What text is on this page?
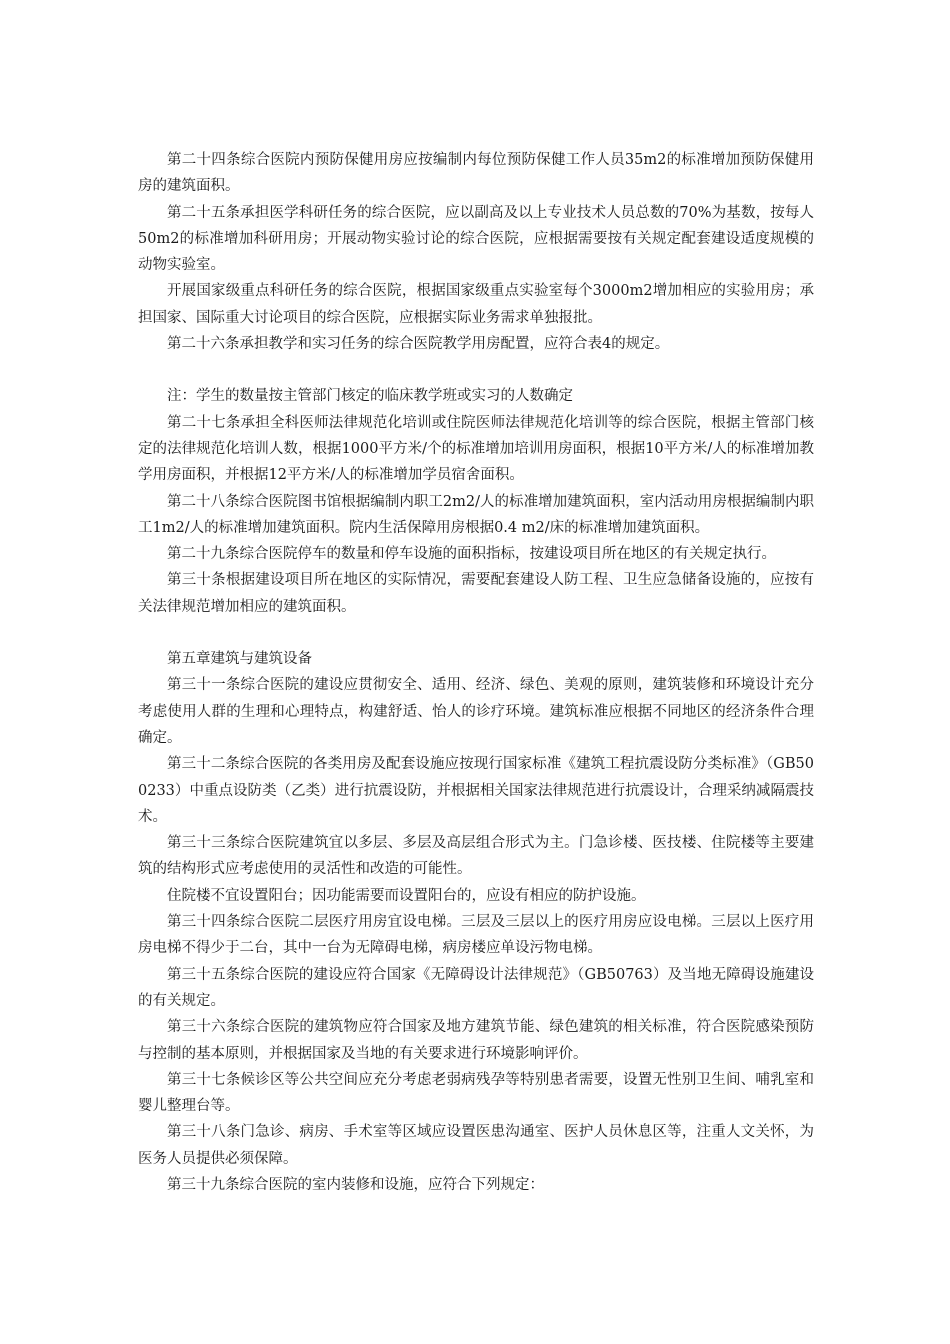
第二十四条综合医院内预防保健用房应按编制内每位预防保健工作人员35m2的标准增加预防保健用房的建筑面积。

第二十五条承担医学科研任务的综合医院，应以副高及以上专业技术人员总数的70%为基数，按每人50m2的标准增加科研用房；开展动物实验讨论的综合医院，应根据需要按有关规定配套建设适度规模的动物实验室。

开展国家级重点科研任务的综合医院，根据国家级重点实验室每个3000m2增加相应的实验用房；承担国家、国际重大讨论项目的综合医院，应根据实际业务需求单独报批。

第二十六条承担教学和实习任务的综合医院教学用房配置，应符合表4的规定。

注：学生的数量按主管部门核定的临床教学班或实习的人数确定

第二十七条承担全科医师法律规范化培训或住院医师法律规范化培训等的综合医院，根据主管部门核定的法律规范化培训人数，根据1000平方米/个的标准增加培训用房面积，根据10平方米/人的标准增加教学用房面积，并根据12平方米/人的标准增加学员宿舍面积。

第二十八条综合医院图书馆根据编制内职工2m2/人的标准增加建筑面积，室内活动用房根据编制内职工1m2/人的标准增加建筑面积。院内生活保障用房根据0.4 m2/床的标准增加建筑面积。

第二十九条综合医院停车的数量和停车设施的面积指标，按建设项目所在地区的有关规定执行。

第三十条根据建设项目所在地区的实际情况，需要配套建设人防工程、卫生应急储备设施的，应按有关法律规范增加相应的建筑面积。

第五章建筑与建筑设备

第三十一条综合医院的建设应贯彻安全、适用、经济、绿色、美观的原则，建筑装修和环境设计充分考虑使用人群的生理和心理特点，构建舒适、怡人的诊疗环境。建筑标准应根据不同地区的经济条件合理确定。

第三十二条综合医院的各类用房及配套设施应按现行国家标准《建筑工程抗震设防分类标准》（GB500233）中重点设防类（乙类）进行抗震设防，并根据相关国家法律规范进行抗震设计，合理采纳减隔震技术。

第三十三条综合医院建筑宜以多层、多层及高层组合形式为主。门急诊楼、医技楼、住院楼等主要建筑的结构形式应考虑使用的灵活性和改造的可能性。

住院楼不宜设置阳台；因功能需要而设置阳台的，应设有相应的防护设施。

第三十四条综合医院二层医疗用房宜设电梯。三层及三层以上的医疗用房应设电梯。三层以上医疗用房电梯不得少于二台，其中一台为无障碍电梯，病房楼应单设污物电梯。

第三十五条综合医院的建设应符合国家《无障碍设计法律规范》（GB50763）及当地无障碍设施建设的有关规定。

第三十六条综合医院的建筑物应符合国家及地方建筑节能、绿色建筑的相关标准，符合医院感染预防与控制的基本原则，并根据国家及当地的有关要求进行环境影响评价。

第三十七条候诊区等公共空间应充分考虑老弱病残孕等特别患者需要，设置无性别卫生间、哺乳室和婴儿整理台等。

第三十八条门急诊、病房、手术室等区域应设置医患沟通室、医护人员休息区等，注重人文关怀，为医务人员提供必须保障。

第三十九条综合医院的室内装修和设施，应符合下列规定：
